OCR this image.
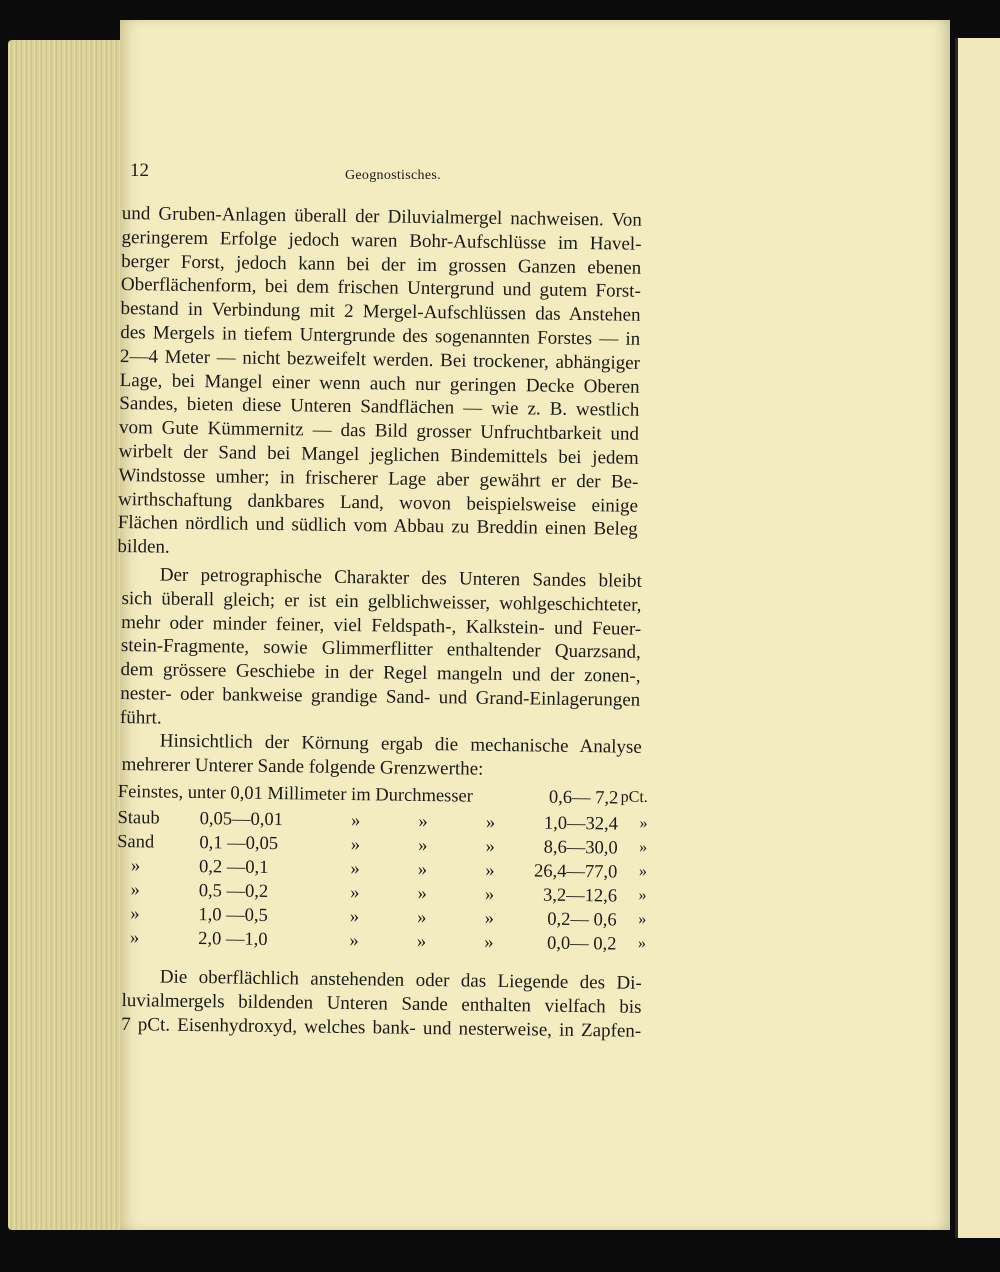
12	Geognostisches.
und Gruben-Anlagen überall der Diluvialmergel nachweisen. Von
geringerem Erfolge jedoch waren Bohr-Aufschlüsse im Havel-
berger Forst, jedoch kann bei der im grossen Ganzen ebenen
Oberflächenform, bei dem frischen Untergrund und gutem Forst-
bestand in Verbindung mit 2 Mergel-Aufschlüssen das Anstehen
des Mergels in tiefem Untergrunde des sogenannten Forstes — in
2—4 Meter — nicht bezweifelt werden. Bei trockener, abhängiger
Lage, bei Mangel einer wenn auch nur geringen Decke Oberen
Sandes, bieten diese Unteren Sandflächen — wie z. B. westlich
vom Gute Kümmernitz — das Bild grosser Unfruchtbarkeit und
wirbelt der Sand bei Mangel jeglichen Bindemittels bei jedem
Windstosse umher; in frischerer Lage aber gewährt er der Be-
wirthschaftung dankbares Land, wovon beispielsweise einige
Flächen nördlich und südlich vom Abbau zu Breddin einen Beleg
bilden.
Der petrographische Charakter des Unteren Sandes bleibt
sich überall gleich; er ist ein gelblichweisser, wohlgeschichteter,
mehr oder minder feiner, viel Feldspath-, Kalkstein- und Feuer-
stein-Fragmente, sowie Glimmerflitter enthaltender Quarzsand,
dem grössere Geschiebe in der Regel mangeln und der zonen-,
nester- oder bankweise grandige Sand- und Grand-Einlagerungen
führt.
Hinsichtlich der Körnung ergab die mechanische Analyse
mehrerer Unterer Sande folgende Grenzwerthe:
Feinstes, unter 0,01 Millimeter im Durchmesser					0,6— 7,2	pCt.
Staub	0,05—0,01	»	»	»	1,0—32,4	»
Sand	0,1 —0,05	»	»	»	8,6—30,0	»
»	0,2 —0,1	»	»	»	26,4—77,0	»
»	0,5 —0,2	»	»	»	3,2—12,6	»
»	1,0 —0,5	»	»	»	0,2— 0,6	»
»	2,0 —1,0	»	»	»	0,0— 0,2	»
Die oberflächlich anstehenden oder das Liegende des Di-
luvialmergels bildenden Unteren Sande enthalten vielfach bis
7 pCt. Eisenhydroxyd, welches bank- und nesterweise, in Zapfen-
